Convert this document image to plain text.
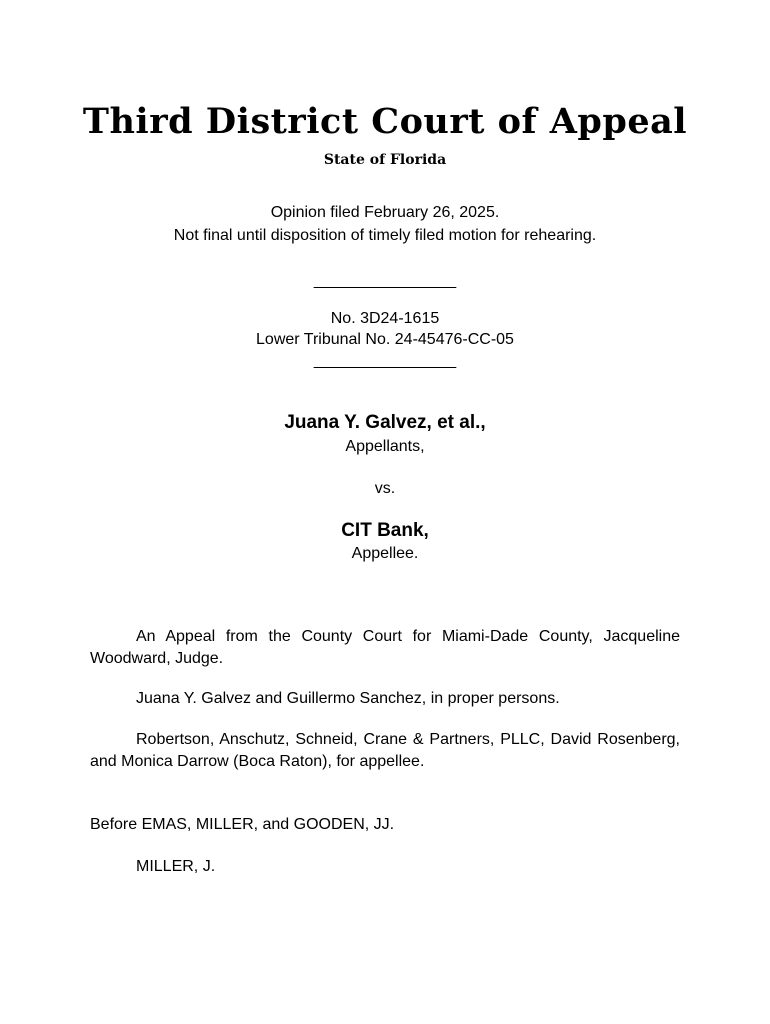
Third District Court of Appeal
State of Florida
Opinion filed February 26, 2025.
Not final until disposition of timely filed motion for rehearing.
________________
No. 3D24-1615
Lower Tribunal No. 24-45476-CC-05
________________
Juana Y. Galvez, et al.,
Appellants,
vs.
CIT Bank,
Appellee.
An Appeal from the County Court for Miami-Dade County, Jacqueline Woodward, Judge.
Juana Y. Galvez and Guillermo Sanchez, in proper persons.
Robertson, Anschutz, Schneid, Crane & Partners, PLLC, David Rosenberg, and Monica Darrow (Boca Raton), for appellee.
Before EMAS, MILLER, and GOODEN, JJ.
MILLER, J.
